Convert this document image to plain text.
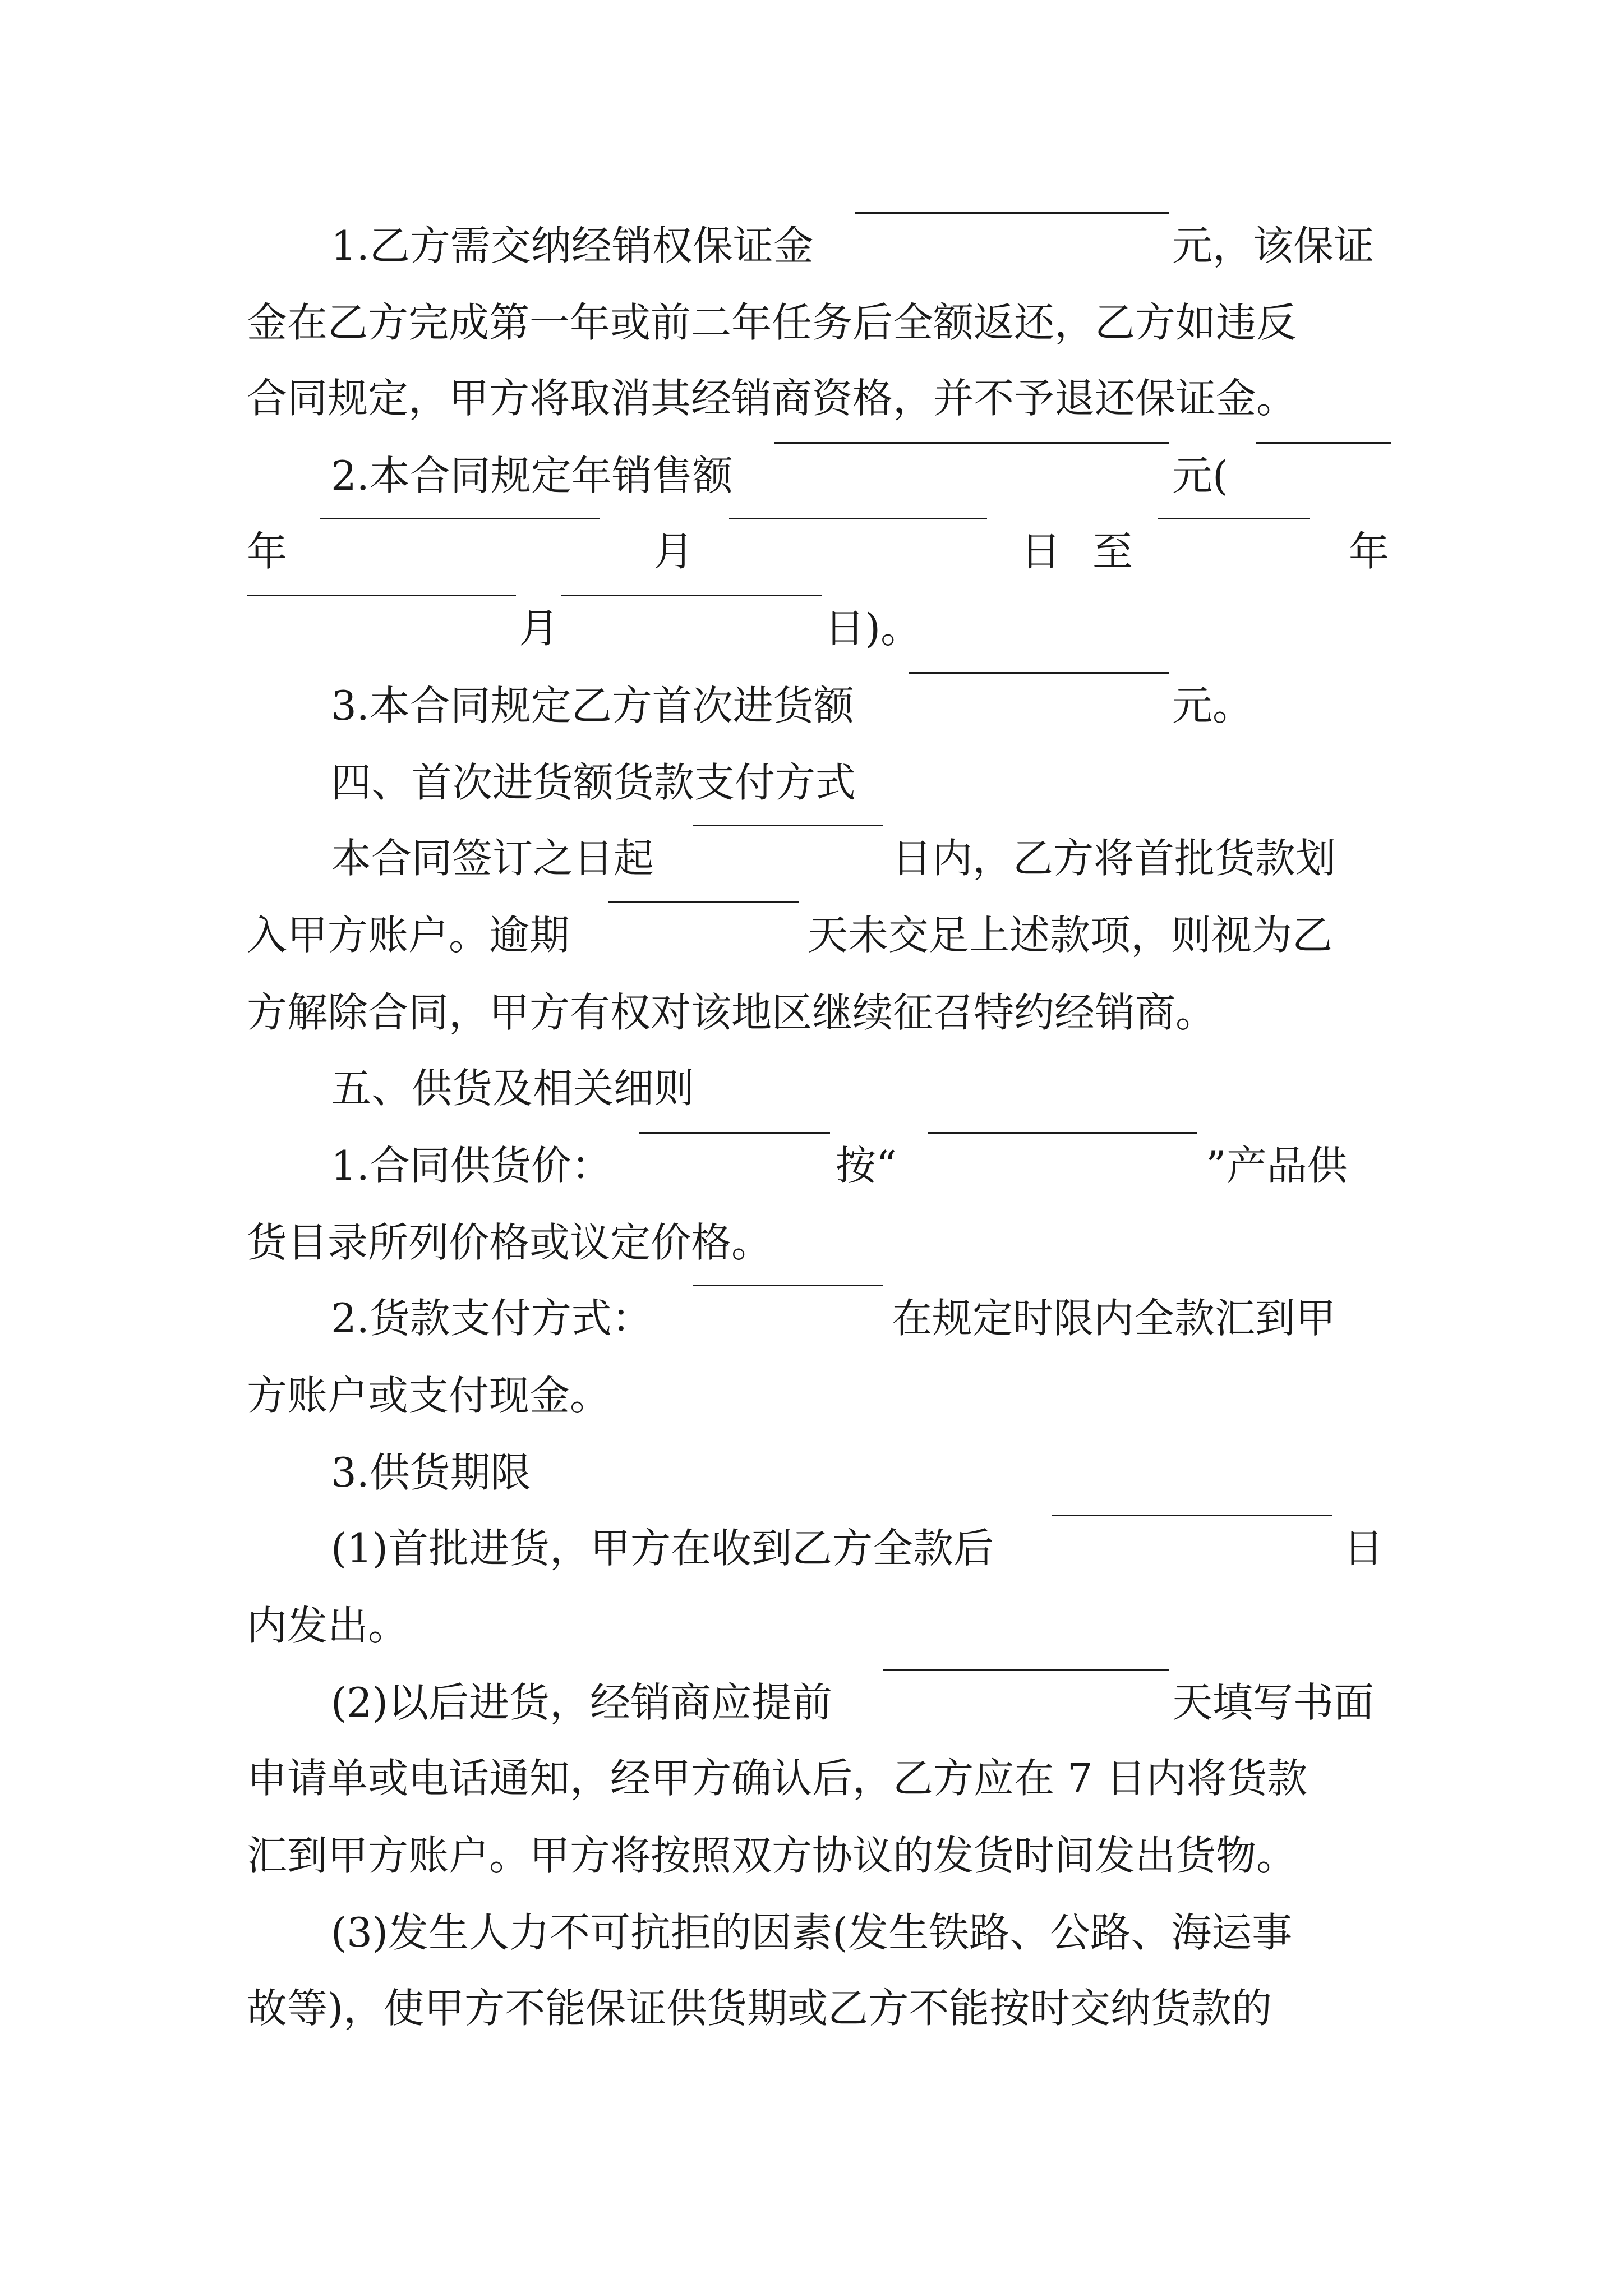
1.乙方需交纳经销权保证金	元，该保证
金在乙方完成第一年或前二年任务后全额返还，乙方如违反
合同规定，甲方将取消其经销商资格，并不予退还保证金。
2.本合同规定年销售额	元(
年	月	日至	年
月	日)。
3.本合同规定乙方首次进货额	元。
四、首次进货额货款支付方式
本合同签订之日起	日内，乙方将首批货款划
入甲方账户。逾期	天未交足上述款项，则视为乙
方解除合同，甲方有权对该地区继续征召特约经销商。
五、供货及相关细则
1.合同供货价：	按“	”产品供
货目录所列价格或议定价格。
2.货款支付方式：	在规定时限内全款汇到甲
方账户或支付现金。
3.供货期限
(1)首批进货，甲方在收到乙方全款后	日
内发出。
(2)以后进货，经销商应提前	天填写书面
申请单或电话通知，经甲方确认后，乙方应在 7 日内将货款
汇到甲方账户。甲方将按照双方协议的发货时间发出货物。
(3)发生人力不可抗拒的因素(发生铁路、公路、海运事
故等)，使甲方不能保证供货期或乙方不能按时交纳货款的
